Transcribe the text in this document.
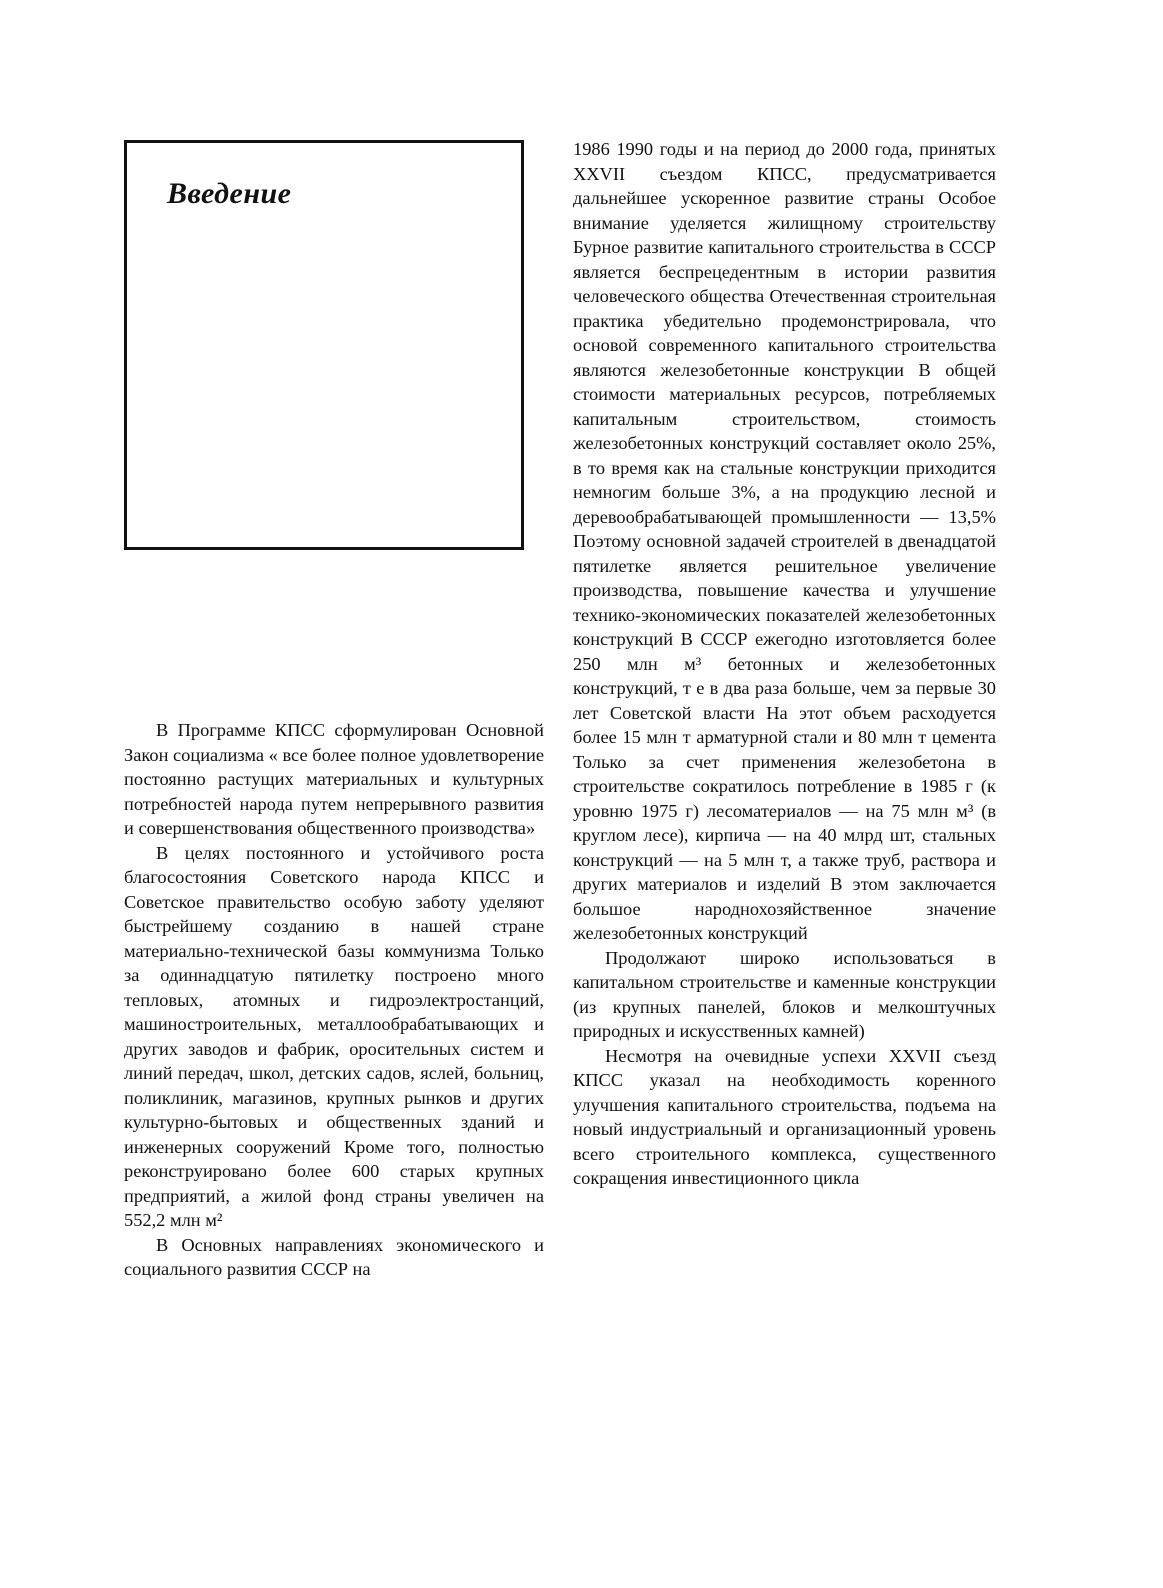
Введение

В Программе КПСС сформулирован Основной Закон социализма « все более полное удовлетворение постоянно растущих материальных и культурных потребностей народа путем непрерывного развития и совершенствования общественного производства»

В целях постоянного и устойчивого роста благосостояния Советского народа КПСС и Советское правительство особую заботу уделяют быстрейшему созданию в нашей стране материально-технической базы коммунизма Только за одиннадцатую пятилетку построено много тепловых, атомных и гидроэлектростанций, машиностроительных, металлообрабатывающих и других заводов и фабрик, оросительных систем и линий передач, школ, детских садов, яслей, больниц, поликлиник, магазинов, крупных рынков и других культурно-бытовых и общественных зданий и инженерных сооружений Кроме того, полностью реконструировано более 600 старых крупных предприятий, а жилой фонд страны увеличен на 552,2 млн м²

В Основных направлениях экономического и социального развития СССР на

1986 1990 годы и на период до 2000 года, принятых XXVII съездом КПСС, предусматривается дальнейшее ускоренное развитие страны Особое внимание уделяется жилищному строительству Бурное развитие капитального строительства в СССР является беспрецедентным в истории развития человеческого общества Отечественная строительная практика убедительно продемонстрировала, что основой современного капитального строительства являются железобетонные конструкции В общей стоимости материальных ресурсов, потребляемых капитальным строительством, стоимость железобетонных конструкций составляет около 25%, в то время как на стальные конструкции приходится немногим больше 3%, а на продукцию лесной и деревообрабатывающей промышленности — 13,5% Поэтому основной задачей строителей в двенадцатой пятилетке является решительное увеличение производства, повышение качества и улучшение технико-экономических показателей железобетонных конструкций В СССР ежегодно изготовляется более 250 млн м³ бетонных и железобетонных конструкций, т е в два раза больше, чем за первые 30 лет Советской власти На этот объем расходуется более 15 млн т арматурной стали и 80 млн т цемента Только за счет применения железобетона в строительстве сократилось потребление в 1985 г (к уровню 1975 г) лесоматериалов — на 75 млн м³ (в круглом лесе), кирпича — на 40 млрд шт, стальных конструкций — на 5 млн т, а также труб, раствора и других материалов и изделий В этом заключается большое народнохозяйственное значение железобетонных конструкций

Продолжают широко использоваться в капитальном строительстве и каменные конструкции (из крупных панелей, блоков и мелкоштучных природных и искусственных камней)

Несмотря на очевидные успехи XXVII съезд КПСС указал на необходимость коренного улучшения капитального строительства, подъема на новый индустриальный и организационный уровень всего строительного комплекса, существенного сокращения инвестиционного цикла
